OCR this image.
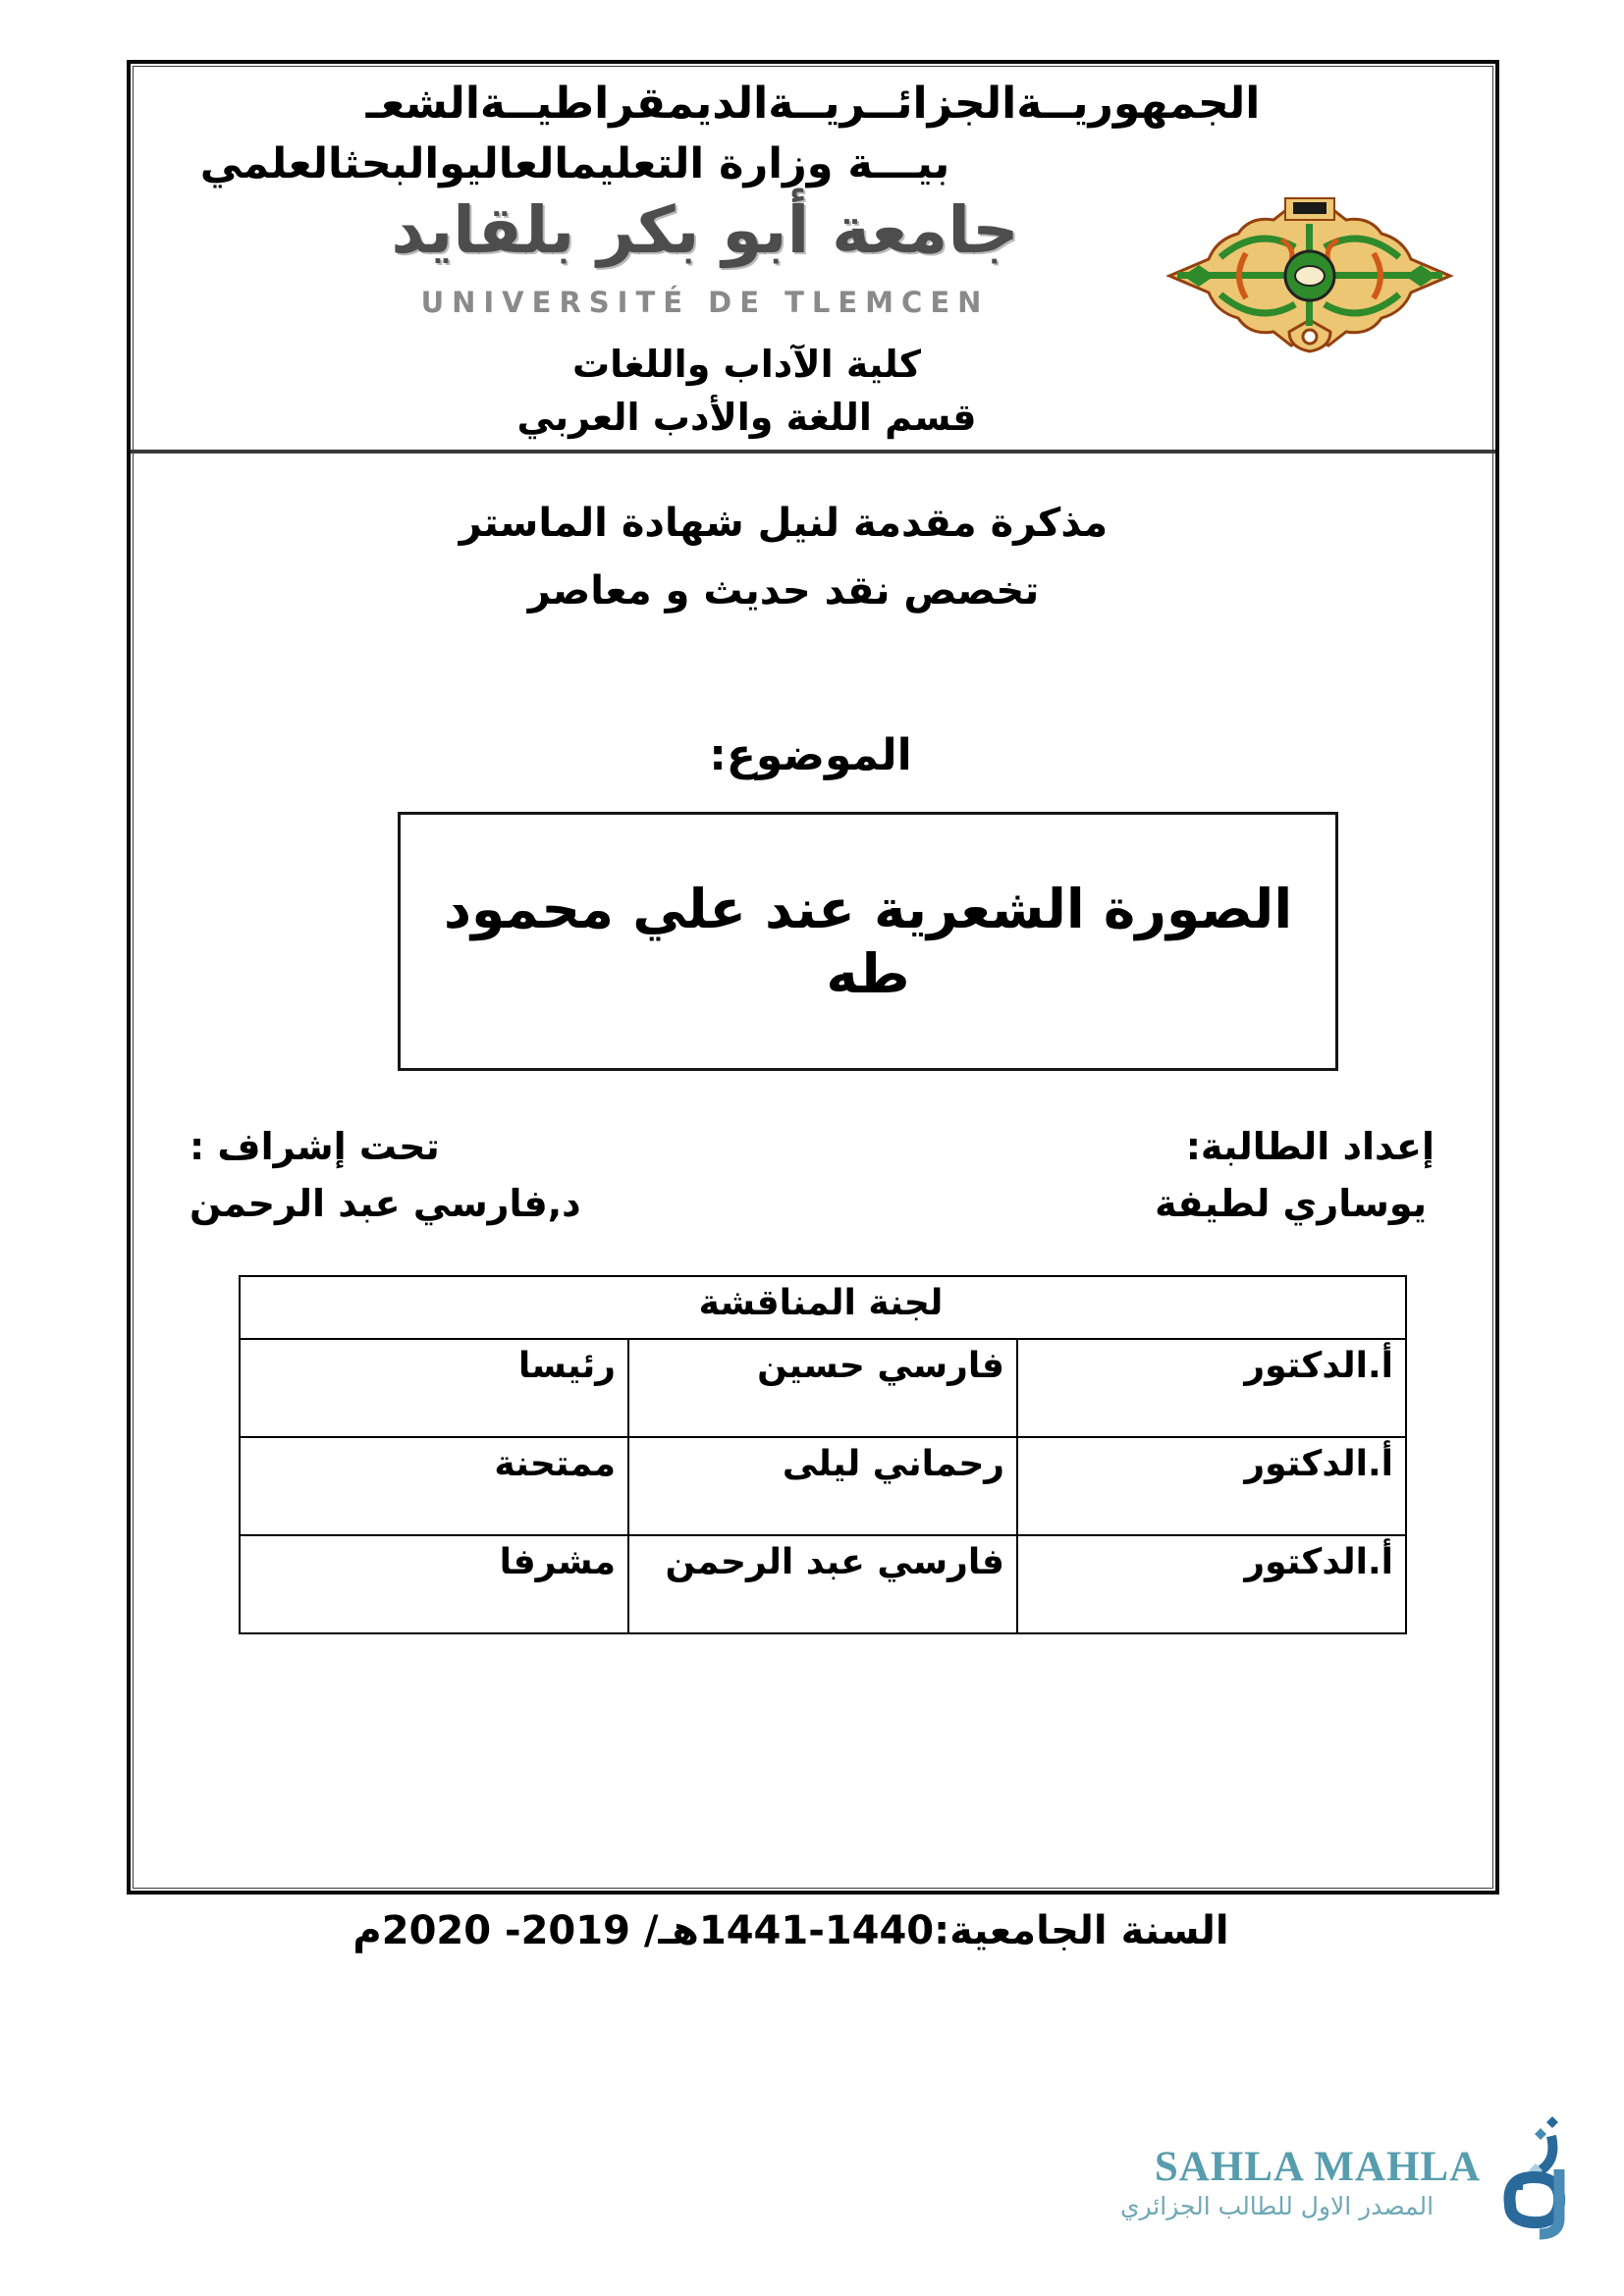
الجمهوريــةالجزائــريــةالديمقراطيــةالشعـ
بيـــة وزارة التعليمالعاليوالبحثالعلمي
جامعة أبو بكر بلقايد
UNIVERSITÉ DE TLEMCEN
كلية الآداب واللغات
قسم اللغة والأدب العربي
مذكرة مقدمة لنيل شهادة الماستر
تخصص نقد حديث و معاصر
الموضوع:
الصورة الشعرية عند علي محمود طه
إعداد الطالبة:
يوساري لطيفة
تحت إشراف :
د,فارسي عبد الرحمن
لجنة المناقشة		
أ.الدكتور	فارسي حسين	رئيسا
أ.الدكتور	رحماني ليلى	ممتحنة
أ.الدكتور	فارسي عبد الرحمن	مشرفا
السنة الجامعية:1440-1441هـ/ 2019- 2020م
SAHLA MAHLA
المصدر الاول للطالب الجزائري
